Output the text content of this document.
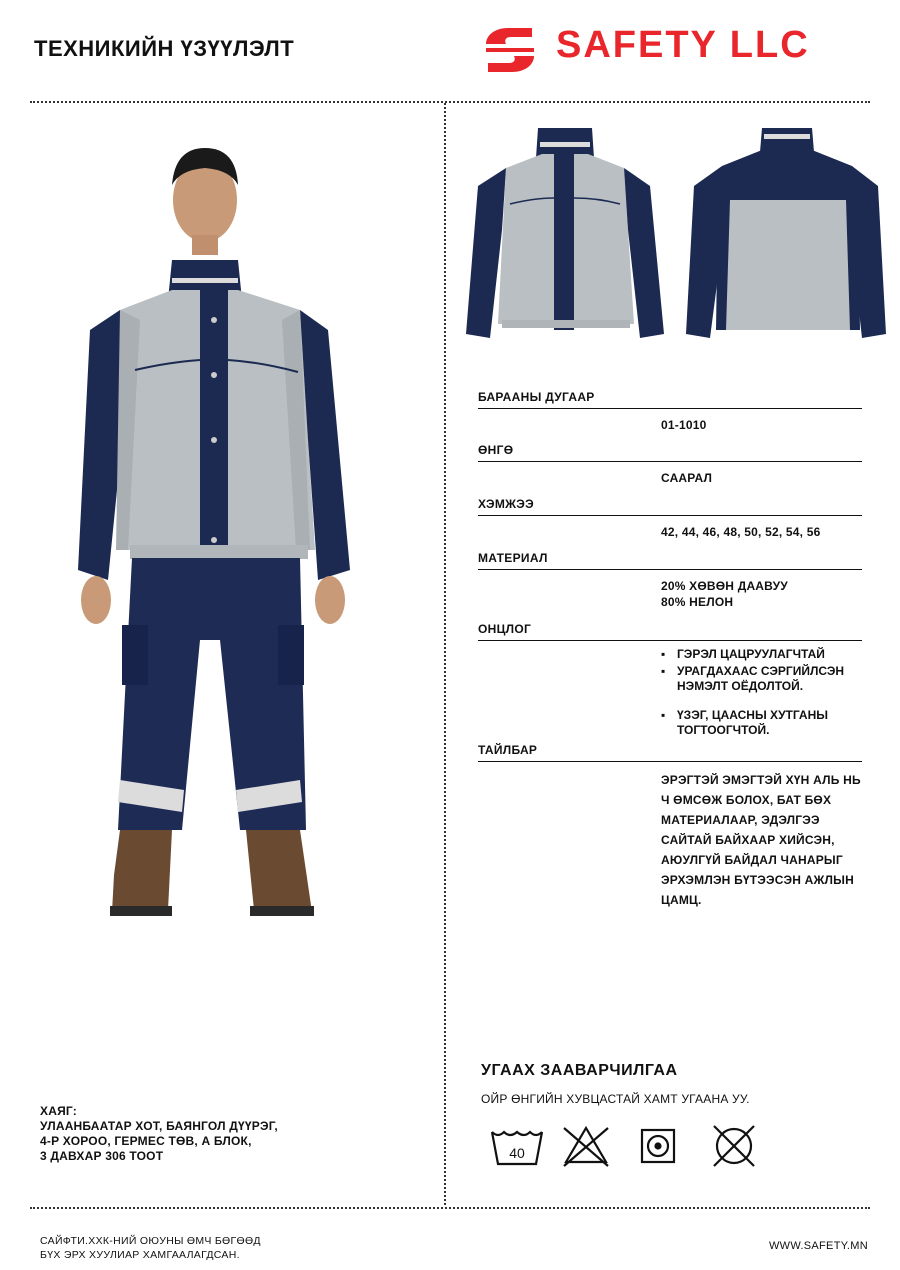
ТЕХНИКИЙН ҮЗҮҮЛЭЛТ	SAFETY LLC
БАРААНЫ ДУГААР
01-1010
ӨНГӨ
СААРАЛ
ХЭМЖЭЭ
42, 44, 46, 48, 50, 52, 54, 56
МАТЕРИАЛ
20% ХӨВӨН ДААВУУ
80% НЕЛОН
ОНЦЛОГ
▪ ГЭРЭЛ ЦАЦРУУЛАГЧТАЙ
▪ УРАГДАХААС СЭРГИЙЛСЭН НЭМЭЛТ ОЁДОЛТОЙ.
▪ ҮЗЭГ, ЦААСНЫ ХУТГАНЫ ТОГТООГЧТОЙ.
ТАЙЛБАР
ЭРЭГТЭЙ ЭМЭГТЭЙ ХҮН АЛЬ НЬ Ч ӨМСӨЖ БОЛОХ, БАТ БӨХ МАТЕРИАЛААР, ЭДЭЛГЭЭ САЙТАЙ БАЙХААР ХИЙСЭН, АЮУЛГҮЙ БАЙДАЛ ЧАНАРЫГ ЭРХЭМЛЭН БҮТЭЭСЭН АЖЛЫН ЦАМЦ.
УГААХ ЗААВАРЧИЛГАА
ОЙР ӨНГИЙН ХУВЦАСТАЙ ХАМТ УГААНА УУ.
40
ХАЯГ:
УЛААНБААТАР ХОТ, БАЯНГОЛ ДҮҮРЭГ,
4-Р ХОРОО, ГЕРМЕС ТӨВ, А БЛОК,
3 ДАВХАР 306 ТООТ
САЙФТИ.ХХК-НИЙ ОЮУНЫ ӨМЧ БӨГӨӨД
БҮХ ЭРХ ХУУЛИАР ХАМГААЛАГДСАН.
WWW.SAFETY.MN
